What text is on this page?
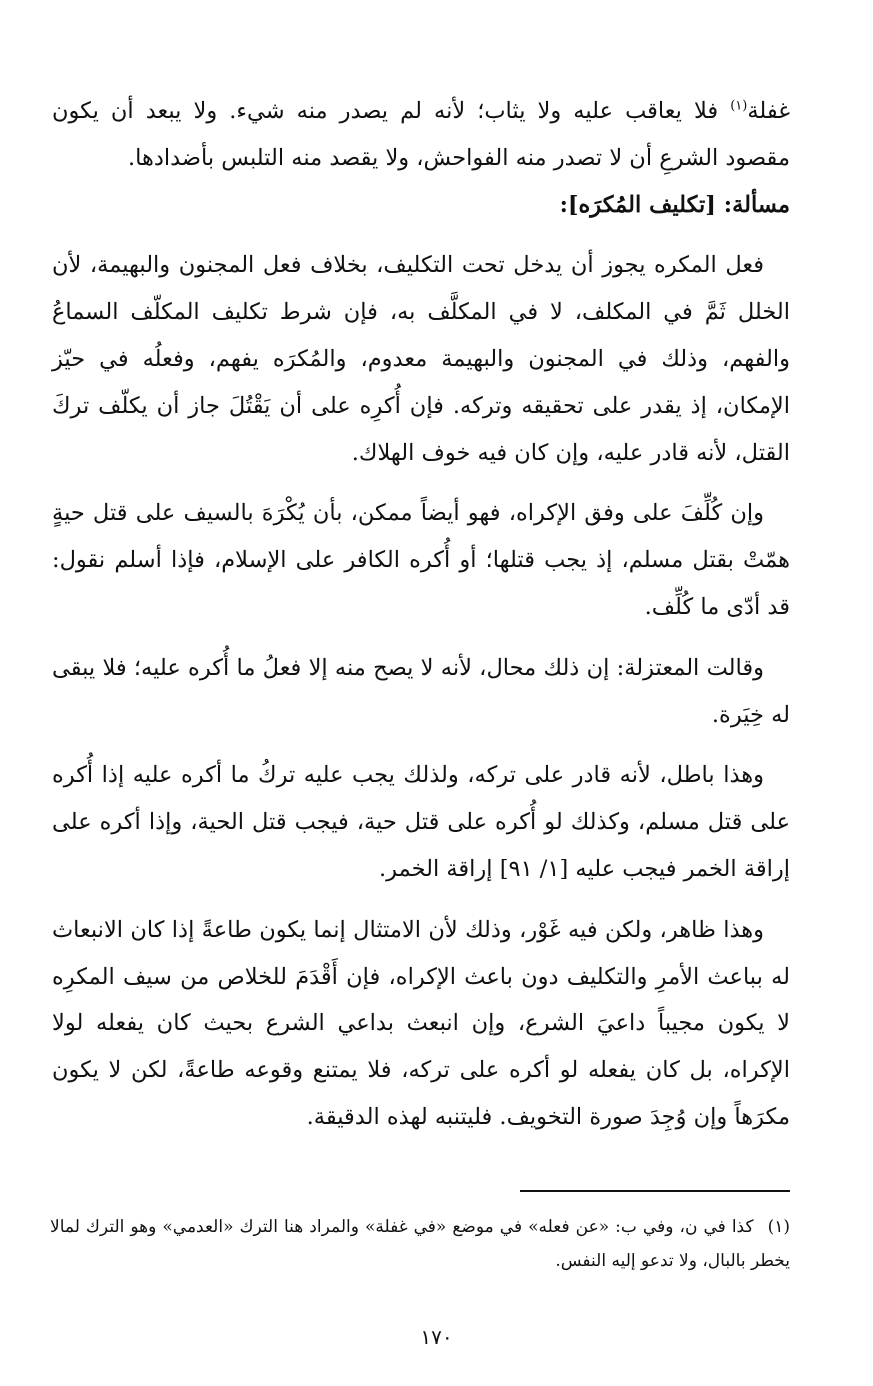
غفلة$^{(١)}$ فلا يعاقب عليه ولا يثاب؛ لأنه لم يصدر منه شيء. ولا يبعد أن يكون مقصود الشرعِ أن لا تصدر منه الفواحش، ولا يقصد منه التلبس بأضدادها.

مسألة: [تكليف المُكرَه]:

فعل المكره يجوز أن يدخل تحت التكليف، بخلاف فعل المجنون والبهيمة، لأن الخلل ثَمَّ في المكلف، لا في المكلَّف به، فإن شرط تكليف المكلّف السماعُ والفهم، وذلك في المجنون والبهيمة معدوم، والمُكرَه يفهم، وفعلُه في حيّز الإمكان، إذ يقدر على تحقيقه وتركه. فإن أُكرِه على أن يَقْتُلَ جاز أن يكلّف تركَ القتل، لأنه قادر عليه، وإن كان فيه خوف الهلاك.

وإن كُلِّفَ على وفق الإكراه، فهو أيضاً ممكن، بأن يُكْرَهَ بالسيف على قتل حيةٍ همّتْ بقتل مسلم، إذ يجب قتلها؛ أو أُكره الكافر على الإسلام، فإذا أسلم نقول: قد أدّى ما كُلِّف.

وقالت المعتزلة: إن ذلك محال، لأنه لا يصح منه إلا فعلُ ما أُكره عليه؛ فلا يبقى له خِيَرة.

وهذا باطل، لأنه قادر على تركه، ولذلك يجب عليه تركُ ما أكره عليه إذا أُكره على قتل مسلم، وكذلك لو أُكره على قتل حية، فيجب قتل الحية، وإذا أكره على إراقة الخمر فيجب عليه [١/ ٩١] إراقة الخمر.

وهذا ظاهر، ولكن فيه غَوْر، وذلك لأن الامتثال إنما يكون طاعةً إذا كان الانبعاث له بباعث الأمرِ والتكليف دون باعث الإكراه، فإن أَقْدَمَ للخلاص من سيف المكرِه لا يكون مجيباً داعيَ الشرع، وإن انبعث بداعي الشرع بحيث كان يفعله لولا الإكراه، بل كان يفعله لو أكره على تركه، فلا يمتنع وقوعه طاعةً، لكن لا يكون مكرَهاً وإن وُجِدَ صورة التخويف. فليتنبه لهذه الدقيقة.

(١)كذا في ن، وفي ب: «عن فعله» في موضع «في غفلة» والمراد هنا الترك «العدمي» وهو الترك لمالا يخطر بالبال، ولا تدعو إليه النفس.
١٧٠
